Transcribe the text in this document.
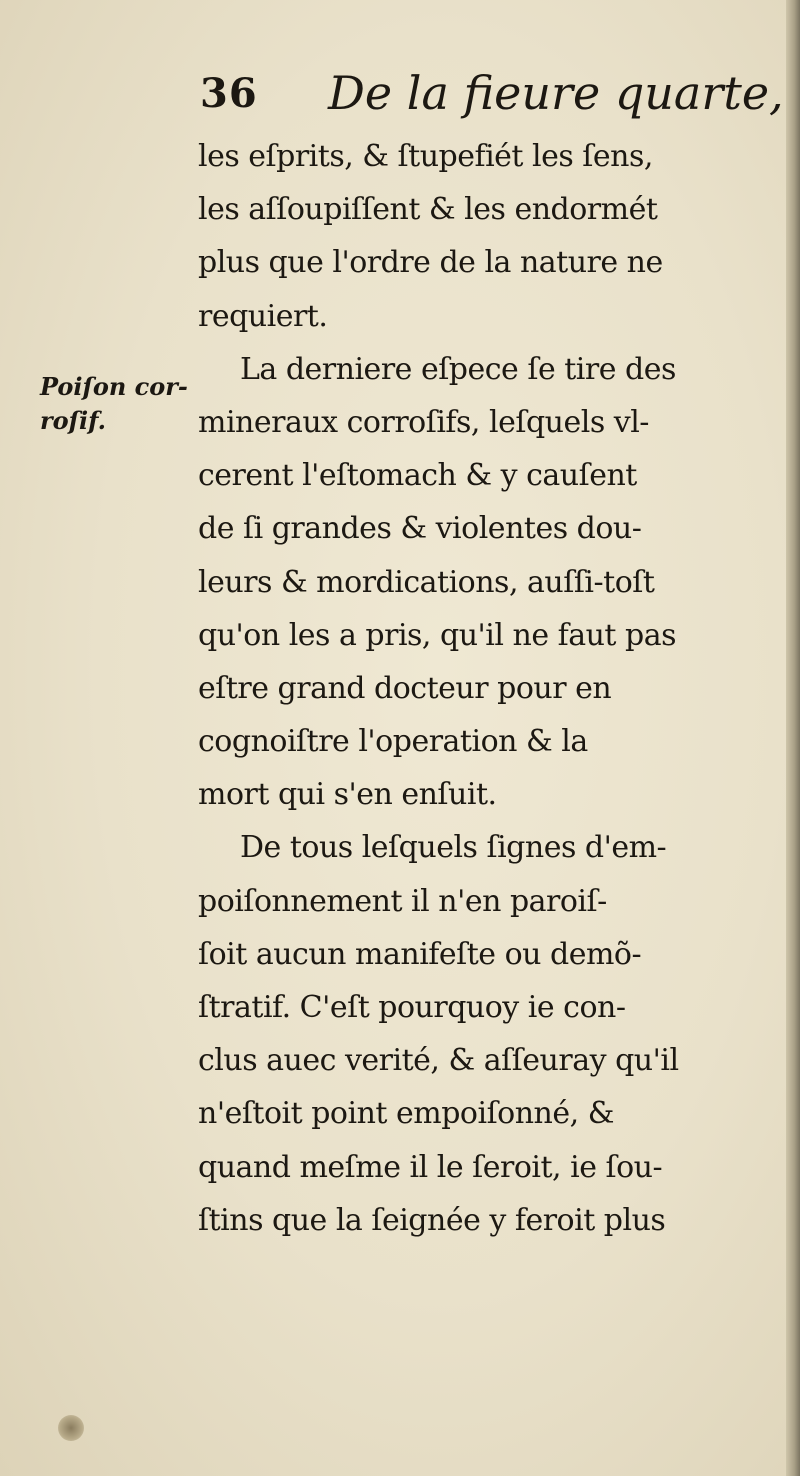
36 De la fieure quarte,
Poiſon cor-
roſif.
les eſprits, & ſtupefiét les ſens,
les aſſoupiſſent & les endormét
plus que l'ordre de la nature ne
requiert.
La derniere eſpece ſe tire des
mineraux corroſifs, leſquels vl-
cerent l'eſtomach & y cauſent
de ſi grandes & violentes dou-
leurs & mordications, auſſi-toſt
qu'on les a pris, qu'il ne faut pas
eſtre grand docteur pour en
cognoiſtre l'operation & la
mort qui s'en enſuit.
De tous leſquels ſignes d'em-
poiſonnement il n'en paroiſ-
ſoit aucun manifeſte ou demõ-
ſtratif. C'eſt pourquoy ie con-
clus auec verité, & aſſeuray qu'il
n'eſtoit point empoiſonné, &
quand meſme il le ſeroit, ie ſou-
ſtins que la ſeignée y feroit plus
